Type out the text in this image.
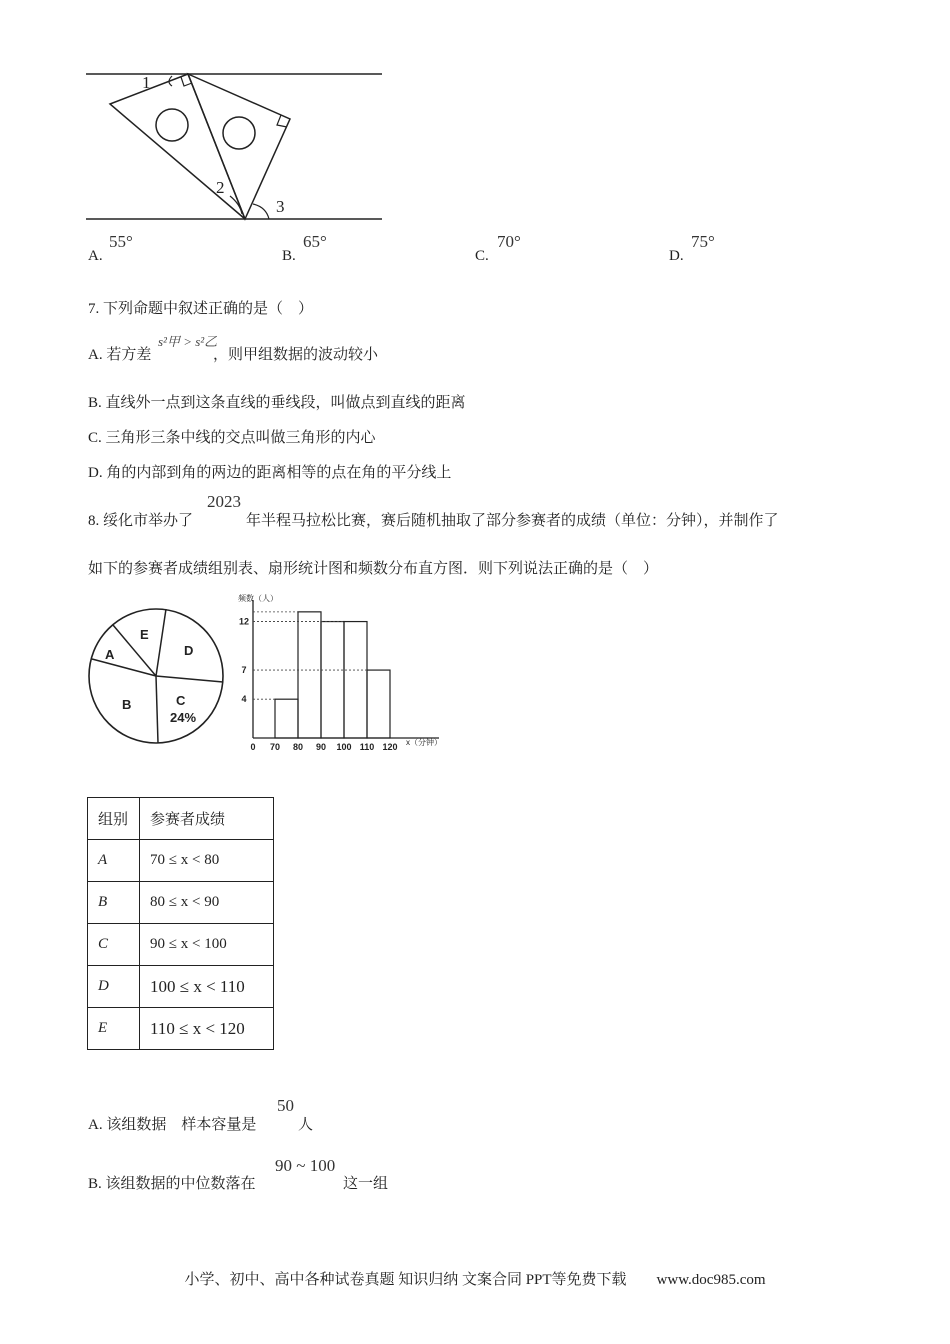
1
2
3
A.
55°
B.
65°
C.
70°
D.
75°
7. 下列命题中叙述正确的是（　）
A. 若方差
s²甲 > s²乙
，则甲组数据的波动较小
B. 直线外一点到这条直线的垂线段，叫做点到直线的距离
C. 三角形三条中线的交点叫做三角形的内心
D. 角的内部到角的两边的距离相等的点在角的平分线上
8. 绥化市举办了
2023
年半程马拉松比赛，赛后随机抽取了部分参赛者的成绩（单位：分钟），并制作了
如下的参赛者成绩组别表、扇形统计图和频数分布直方图．则下列说法正确的是（　）
A
B	C
24%
D
E
频数（人）
x（分钟）
4
7
12
0 70 80 90 100 110 120
组别	参赛者成绩
A	70 ≤ x < 80
B	80 ≤ x < 90
C	90 ≤ x < 100
D	100 ≤ x < 110
E	110 ≤ x < 120
A. 该组数据　样本容量是
50
人
B. 该组数据的中位数落在
90 ~ 100
这一组
小学、初中、高中各种试卷真题 知识归纳 文案合同 PPT等免费下载　　www.doc985.com
